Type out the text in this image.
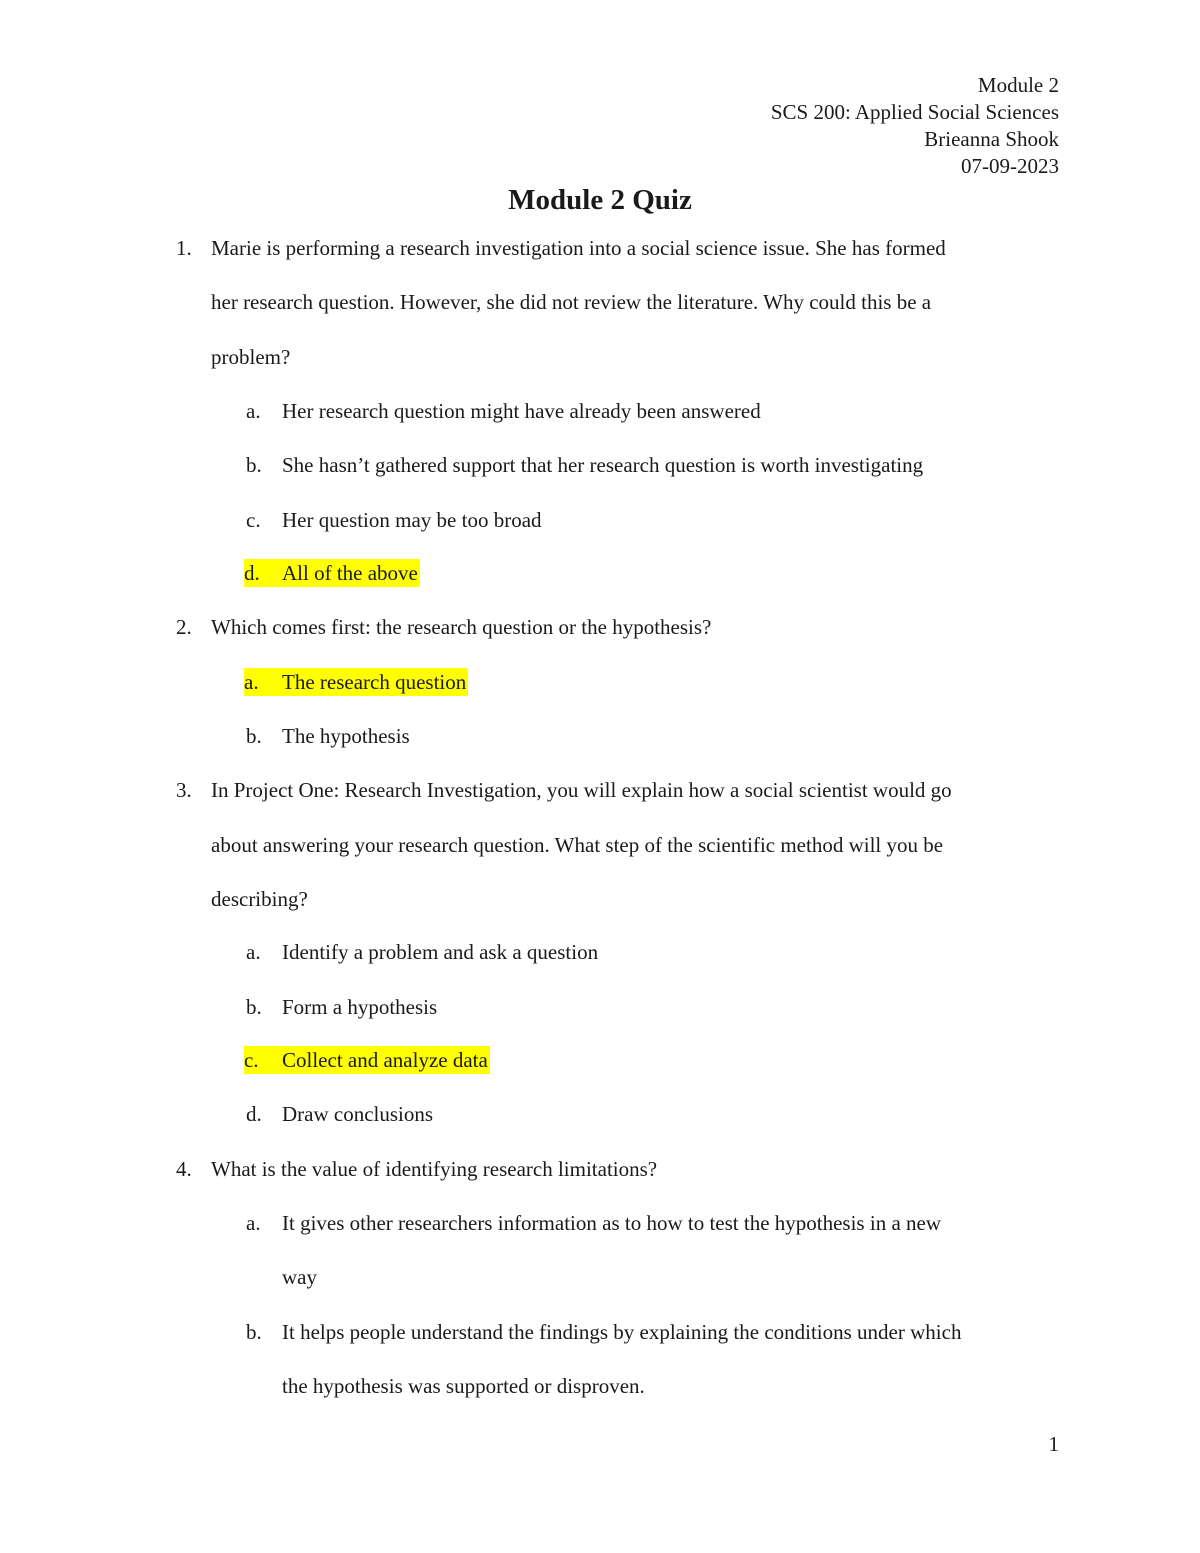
Module 2
SCS 200: Applied Social Sciences
Brieanna Shook
07-09-2023
Module 2 Quiz
1. Marie is performing a research investigation into a social science issue. She has formed
her research question. However, she did not review the literature. Why could this be a
problem?
a. Her research question might have already been answered
b. She hasn’t gathered support that her research question is worth investigating
c. Her question may be too broad
d. All of the above
2. Which comes first: the research question or the hypothesis?
a. The research question
b. The hypothesis
3. In Project One: Research Investigation, you will explain how a social scientist would go
about answering your research question. What step of the scientific method will you be
describing?
a. Identify a problem and ask a question
b. Form a hypothesis
c. Collect and analyze data
d. Draw conclusions
4. What is the value of identifying research limitations?
a. It gives other researchers information as to how to test the hypothesis in a new
way
b. It helps people understand the findings by explaining the conditions under which
the hypothesis was supported or disproven.
1
